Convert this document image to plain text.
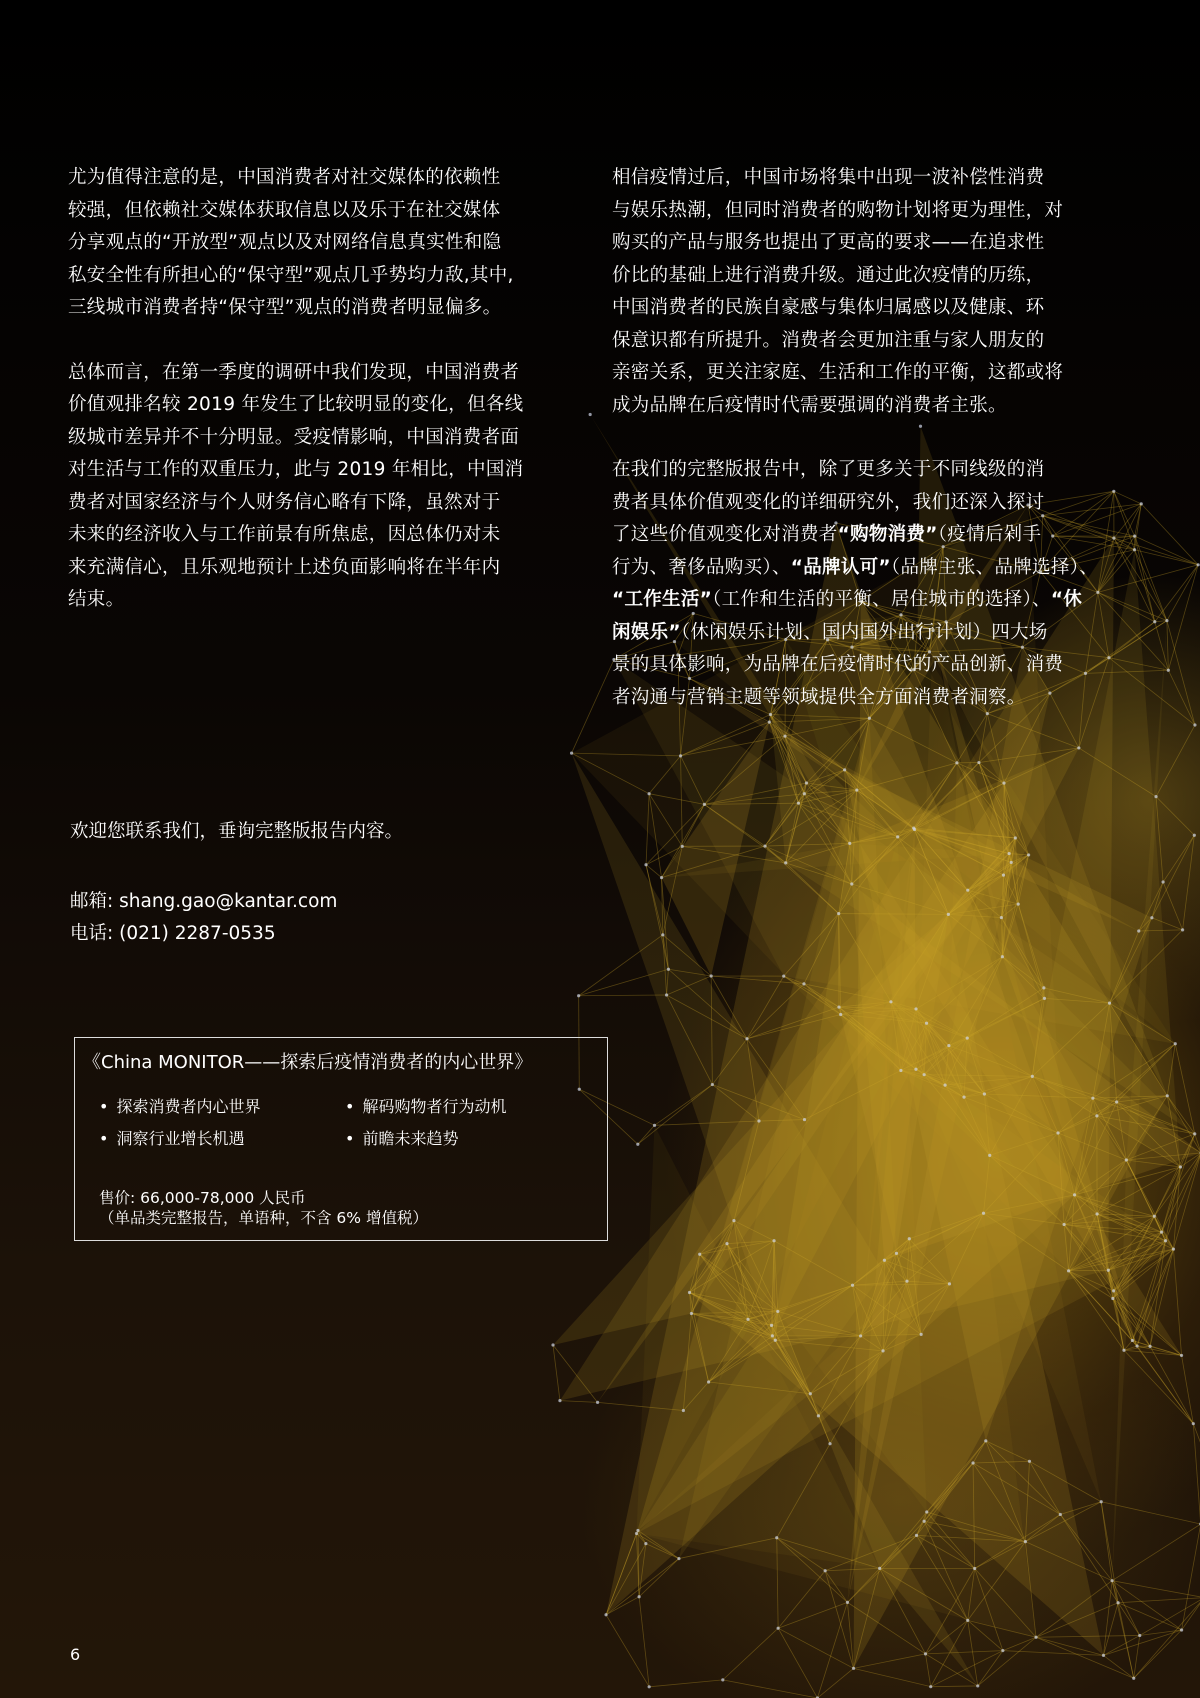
尤为值得注意的是，中国消费者对社交媒体的依赖性
较强，但依赖社交媒体获取信息以及乐于在社交媒体
分享观点的“开放型”观点以及对网络信息真实性和隐
私安全性有所担心的“保守型”观点几乎势均力敌,其中,
三线城市消费者持“保守型”观点的消费者明显偏多。
总体而言，在第一季度的调研中我们发现，中国消费者
价值观排名较 2019 年发生了比较明显的变化，但各线
级城市差异并不十分明显。受疫情影响，中国消费者面
对生活与工作的双重压力，此与 2019 年相比，中国消
费者对国家经济与个人财务信心略有下降，虽然对于
未来的经济收入与工作前景有所焦虑，因总体仍对未
来充满信心，且乐观地预计上述负面影响将在半年内
结束。
相信疫情过后，中国市场将集中出现一波补偿性消费
与娱乐热潮，但同时消费者的购物计划将更为理性，对
购买的产品与服务也提出了更高的要求——在追求性
价比的基础上进行消费升级。通过此次疫情的历练，
中国消费者的民族自豪感与集体归属感以及健康、环
保意识都有所提升。消费者会更加注重与家人朋友的
亲密关系，更关注家庭、生活和工作的平衡，这都或将
成为品牌在后疫情时代需要强调的消费者主张。
在我们的完整版报告中，除了更多关于不同线级的消
费者具体价值观变化的详细研究外，我们还深入探讨
了这些价值观变化对消费者“购物消费”（疫情后剁手
行为、奢侈品购买）、“品牌认可”（品牌主张、品牌选择）、
“工作生活”（工作和生活的平衡、居住城市的选择）、“休
闲娱乐”（休闲娱乐计划、国内国外出行计划）四大场
景的具体影响，为品牌在后疫情时代的产品创新、消费
者沟通与营销主题等领域提供全方面消费者洞察。
欢迎您联系我们，垂询完整版报告内容。
邮箱: shang.gao@kantar.com
电话: (021) 2287-0535
《China MONITOR——探索后疫情消费者的内心世界》
• 探索消费者内心世界	• 解码购物者行为动机
• 洞察行业增长机遇	• 前瞻未来趋势
售价: 66,000-78,000 人民币
（单品类完整报告，单语种，不含 6% 增值税）
6
